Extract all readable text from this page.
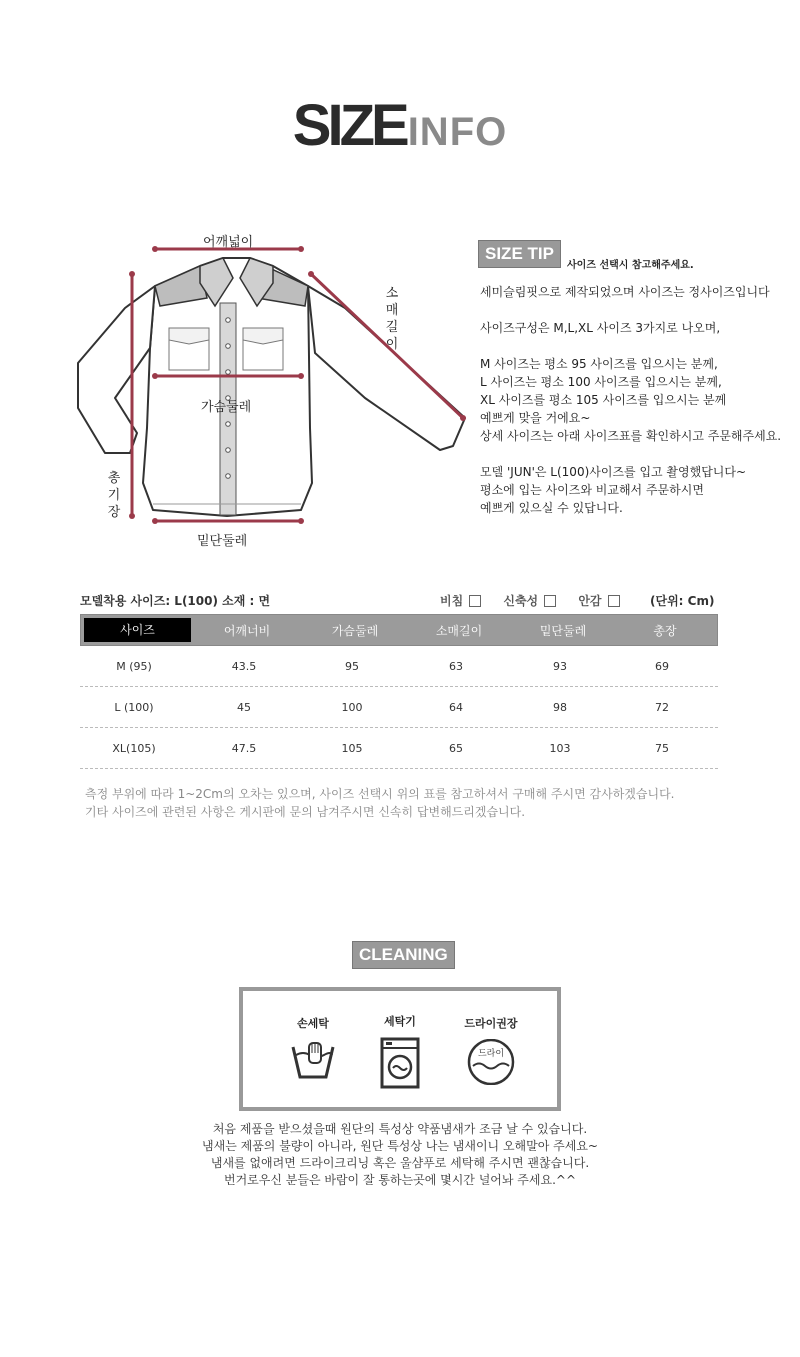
SIZEINFO
어깨넓이
가슴둘레
밑단둘레
소
매
길
이
총
기
장
SIZE TIP
사이즈 선택시 참고해주세요.

세미슬림핏으로 제작되었으며 사이즈는 정사이즈입니다

사이즈구성은 M,L,XL 사이즈 3가지로 나오며,

M 사이즈는 평소 95 사이즈를 입으시는 분께,
L 사이즈는 평소 100 사이즈를 입으시는 분께,
XL 사이즈를 평소 105 사이즈를 입으시는 분께
예쁘게 맞을 거에요~
상세 사이즈는 아래 사이즈표를 확인하시고 주문해주세요.

모델 'JUN'은 L(100)사이즈를 입고 촬영했답니다~
평소에 입는 사이즈와 비교해서 주문하시면
예쁘게 있으실 수 있답니다.

모델착용 사이즈: L(100) 소재 : 면	비침	신축성	안감	(단위: Cm)
사이즈	어깨너비	가슴둘레	소매길이	밑단둘레	총장
M (95)	43.5	95	63	93	69
L (100)	45	100	64	98	72
XL(105)	47.5	105	65	103	75
측정 부위에 따라 1~2Cm의 오차는 있으며, 사이즈 선택시 위의 표를 참고하셔서 구매해 주시면 감사하겠습니다.
기타 사이즈에 관련된 사항은 게시판에 문의 남겨주시면 신속히 답변해드리겠습니다.
CLEANING
손세탁	세탁기	드라이권장
드라이
처음 제품을 받으셨을때 원단의 특성상 약품냄새가 조금 날 수 있습니다.
냄새는 제품의 불량이 아니라, 원단 특성상 나는 냄새이니 오해말아 주세요~
냄새를 없애려면 드라이크리닝 혹은 울샴푸로 세탁해 주시면 괜찮습니다.
번거로우신 분들은 바람이 잘 통하는곳에 몇시간 널어놔 주세요.^^
